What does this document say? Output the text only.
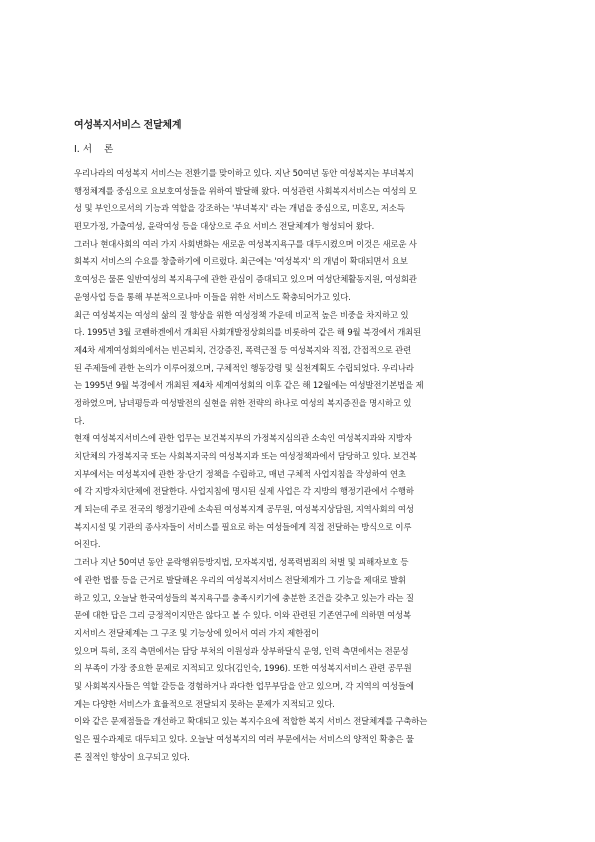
여성복지서비스 전달체계
Ⅰ. 서    론
우리나라의 여성복지 서비스는 전환기를 맞이하고 있다. 지난 50여년 동안 여성복지는 부녀복지
행정체계를 중심으로 요보호여성들을 위하여 발달해 왔다. 여성관련 사회복지서비스는 여성의 모
성 및 부인으로서의 기능과 역할을 강조하는 '부녀복지' 라는 개념을 중심으로, 미혼모, 저소득
편모가정, 가출여성, 윤락여성 등을 대상으로 주요 서비스 전달체계가 형성되어 왔다.
그러나 현대사회의 여러 가지 사회변화는 새로운 여성복지욕구를 대두시켰으며 이것은 새로운 사
회복지 서비스의 수요를 창출하기에 이르렀다. 최근에는 '여성복지' 의 개념이 확대되면서 요보
호여성은 물론 일반여성의 복지욕구에 관한 관심이 증대되고 있으며 여성단체활동지원, 여성회관
운영사업 등을 통해 부분적으로나마 이들을 위한 서비스도 확충되어가고 있다.
최근 여성복지는 여성의 삶의 질 향상을 위한 여성정책 가운데 비교적 높은 비중을 차지하고 있
다. 1995년 3월 코펜하겐에서 개최된 사회개발정상회의를 비롯하여 같은 해 9월 북경에서 개최된
제4차 세계여성회의에서는 빈곤퇴치, 건강증진, 폭력근절 등 여성복지와 직접, 간접적으로 관련
된 주제들에 관한 논의가 이루어졌으며, 구체적인 행동강령 및 실천계획도 수립되었다. 우리나라
는 1995년 9월 북경에서 개최된 제4차 세계여성회의 이후 같은 해 12월에는 여성발전기본법을 제
정하였으며, 남녀평등과 여성발전의 실현을 위한 전략의 하나로 여성의 복지증진을 명시하고 있
다.
현재 여성복지서비스에 관한 업무는 보건복지부의 가정복지심의관 소속인 여성복지과와 지방자
치단체의 가정복지국 또는 사회복지국의 여성복지과 또는 여성정책과에서 담당하고 있다. 보건복
지부에서는 여성복지에 관한 장·단기 정책을 수립하고, 매년 구체적 사업지침을 작성하여 연초
에 각 지방자치단체에 전달한다. 사업지침에 명시된 실제 사업은 각 지방의 행정기관에서 수행하
게 되는데 주로 전국의 행정기관에 소속된 여성복지계 공무원, 여성복지상담원, 지역사회의 여성
복지시설 및 기관의 종사자들이 서비스를 필요로 하는 여성들에게 직접 전달하는 방식으로 이루
어진다.
그러나 지난 50여년 동안 윤락행위등방지법, 모자복지법, 성폭력범죄의 처벌 및 피해자보호 등
에 관한 법률 등을 근거로 발달해온 우리의 여성복지서비스 전달체계가 그 기능을 제대로 발휘
하고 있고, 오늘날 한국여성들의 복지욕구를 충족시키기에 충분한 조건을 갖추고 있는가 라는 질
문에 대한 답은 그리 긍정적이지만은 않다고 볼 수 있다. 이와 관련된 기존연구에 의하면 여성복
지서비스 전달체계는 그 구조 및 기능상에 있어서 여러 가지 제한점이
있으며 특히, 조직 측면에서는 담당 부처의 이원성과 상부하달식 운영, 인력 측면에서는 전문성
의 부족이 가장 중요한 문제로 지적되고 있다(김인숙, 1996). 또한 여성복지서비스 관련 공무원
및 사회복지사들은 역할 갈등을 경험하거나 과다한 업무부담을 안고 있으며, 각 지역의 여성들에
게는 다양한 서비스가 효율적으로 전달되지 못하는 문제가 지적되고 있다.
이와 같은 문제점들을 개선하고 확대되고 있는 복지수요에 적합한 복지 서비스 전달체계를 구축하는
일은 필수과제로 대두되고 있다. 오늘날 여성복지의 여러 부문에서는 서비스의 양적인 확충은 물
론 질적인 향상이 요구되고 있다.
